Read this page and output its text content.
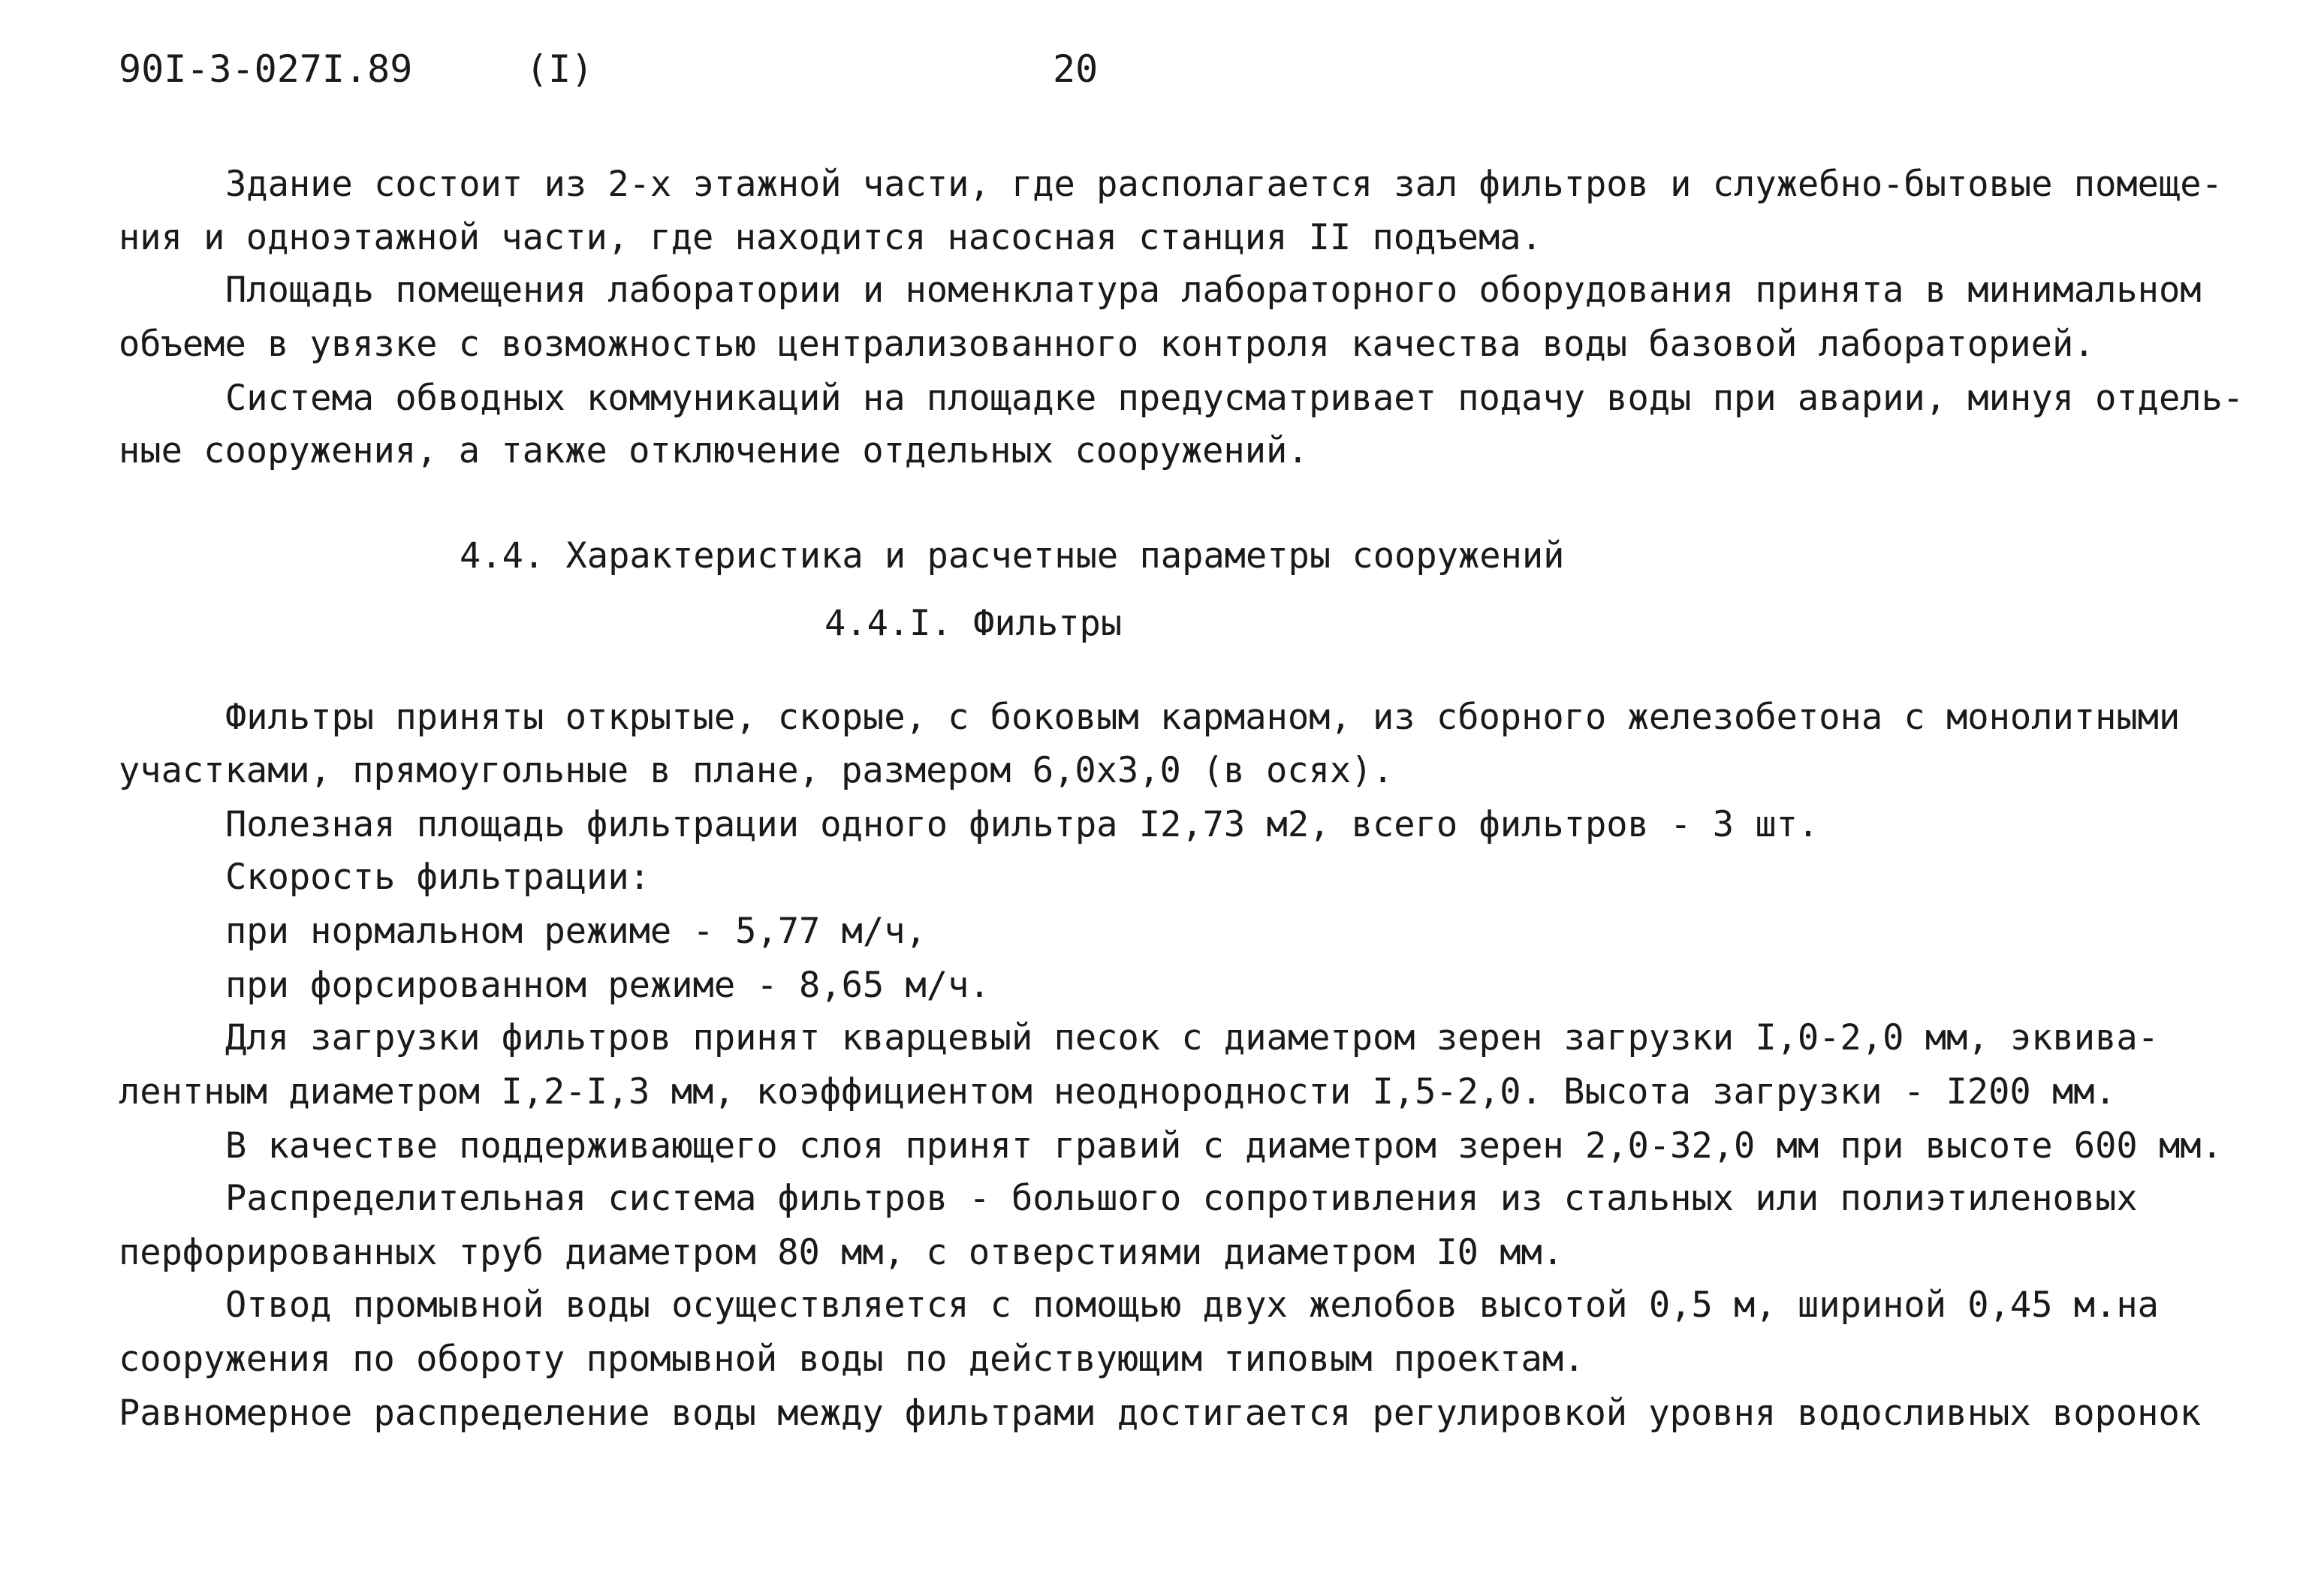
90I-3-027I.89	(I)	20
Здание состоит из 2-х этажной части, где располагается зал фильтров и служебно-бытовые помеще-
ния и одноэтажной части, где находится насосная станция II подъема.
Площадь помещения лаборатории и номенклатура лабораторного оборудования принята в минимальном
объеме в увязке с возможностью централизованного контроля качества воды базовой лабораторией.
Система обводных коммуникаций на площадке предусматривает подачу воды при аварии, минуя отдель-
ные сооружения, а также отключение отдельных сооружений.
4.4. Характеристика и расчетные параметры сооружений
4.4.I. Фильтры
Фильтры приняты открытые, скорые, с боковым карманом, из сборного железобетона с монолитными
участками, прямоугольные в плане, размером 6,0х3,0 (в осях).
Полезная площадь фильтрации одного фильтра I2,73 м2, всего фильтров - 3 шт.
Скорость фильтрации:
при нормальном режиме - 5,77 м/ч,
при форсированном режиме - 8,65 м/ч.
Для загрузки фильтров принят кварцевый песок с диаметром зерен загрузки I,0-2,0 мм, эквива-
лентным диаметром I,2-I,3 мм, коэффициентом неоднородности I,5-2,0. Высота загрузки - I200 мм.
В качестве поддерживающего слоя принят гравий с диаметром зерен 2,0-32,0 мм при высоте 600 мм.
Распределительная система фильтров - большого сопротивления из стальных или полиэтиленовых
перфорированных труб диаметром 80 мм, с отверстиями диаметром I0 мм.
Отвод промывной воды осуществляется с помощью двух желобов высотой 0,5 м, шириной 0,45 м.на
сооружения по обороту промывной воды по действующим типовым проектам.
Равномерное распределение воды между фильтрами достигается регулировкой уровня водосливных воронок
